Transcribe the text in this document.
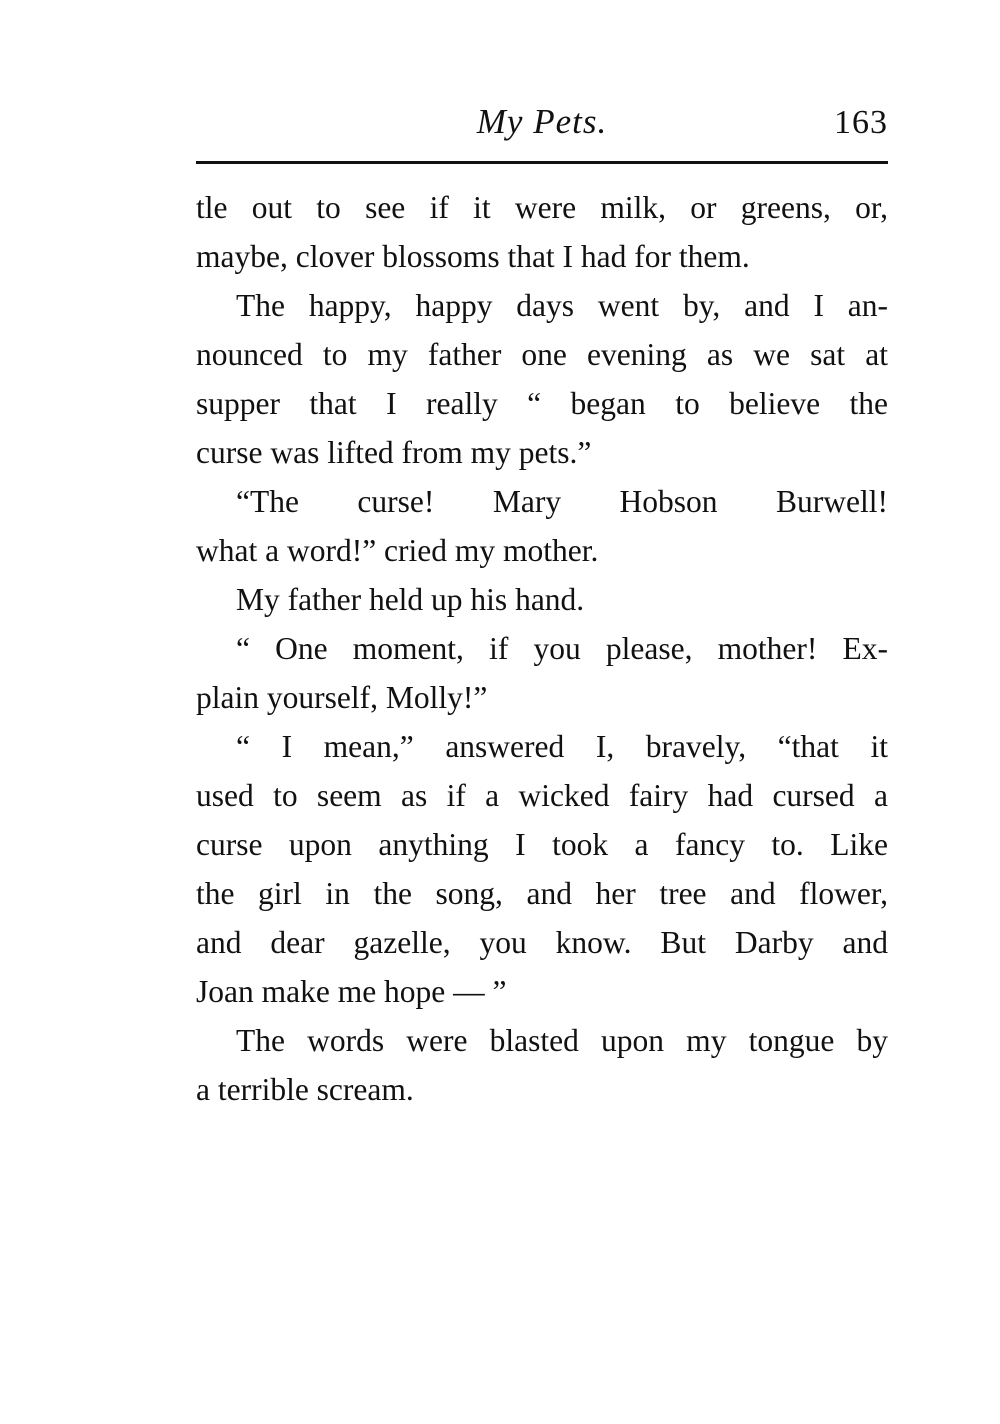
My Pets.	163
tle out to see if it were milk, or greens, or,
maybe, clover blossoms that I had for them.
The happy, happy days went by, and I an-
nounced to my father one evening as we sat at
supper that I really “ began to believe the
curse was lifted from my pets.”
“The curse! Mary Hobson Burwell!
what a word!” cried my mother.
My father held up his hand.
“ One moment, if you please, mother! Ex-
plain yourself, Molly!”
“ I mean,” answered I, bravely, “that it
used to seem as if a wicked fairy had cursed a
curse upon anything I took a fancy to. Like
the girl in the song, and her tree and flower,
and dear gazelle, you know. But Darby and
Joan make me hope — ”
The words were blasted upon my tongue by
a terrible scream.
